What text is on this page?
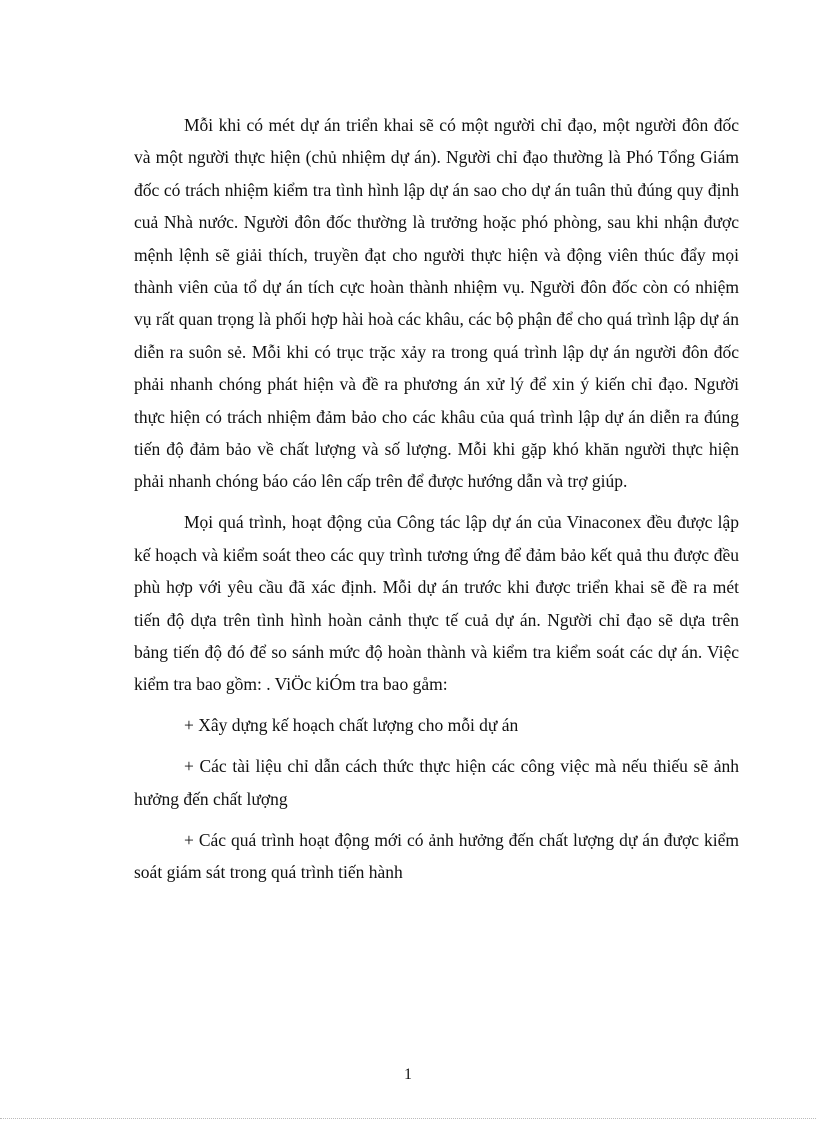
Mỗi khi có mét dự án triển khai sẽ có một người chỉ đạo, một người đôn đốc và một người thực hiện (chủ nhiệm dự án). Người chỉ đạo thường là Phó Tổng Giám đốc có trách nhiệm kiểm tra tình hình lập dự án sao cho dự án tuân thủ đúng quy định cuả Nhà nước. Người đôn đốc thường là trưởng hoặc phó phòng, sau khi nhận được mệnh lệnh sẽ giải thích, truyền đạt cho người thực hiện và động viên thúc đẩy mọi thành viên của tổ dự án tích cực hoàn thành nhiệm vụ. Người đôn đốc còn có nhiệm vụ rất quan trọng là phối hợp hài hoà các khâu, các bộ phận để cho quá trình lập dự án diễn ra suôn sẻ. Mỗi khi có trục trặc xảy ra trong quá trình lập dự án người đôn đốc phải nhanh chóng phát hiện và đề ra phương án xử lý để xin ý kiến chỉ đạo. Người thực hiện có trách nhiệm đảm bảo cho các khâu của quá trình lập dự án diễn ra đúng tiến độ đảm bảo về chất lượng và số lượng. Mỗi khi gặp khó khăn người thực hiện phải nhanh chóng báo cáo lên cấp trên để được hướng dẫn và trợ giúp.

Mọi quá trình, hoạt động của Công tác lập dự án của Vinaconex đều được lập kế hoạch và kiểm soát theo các quy trình tương ứng để đảm bảo kết quả thu được đều phù hợp với yêu cầu đã xác định. Mỗi dự án trước khi được triển khai sẽ đề ra mét tiến độ dựa trên tình hình hoàn cảnh thực tế cuả dự án. Người chỉ đạo sẽ dựa trên bảng tiến độ đó để so sánh mức độ hoàn thành và kiểm tra kiểm soát các dự án. Việc kiểm tra bao gồm: . ViÖc kiÓm tra bao gåm:

+ Xây dựng kế hoạch chất lượng cho mỗi dự án

+ Các tài liệu chỉ dẫn cách thức thực hiện các công việc mà nếu thiếu sẽ ảnh hưởng đến chất lượng

+ Các quá trình hoạt động mới có ảnh hưởng đến chất lượng dự án được kiểm soát giám sát trong quá trình tiến hành

1
